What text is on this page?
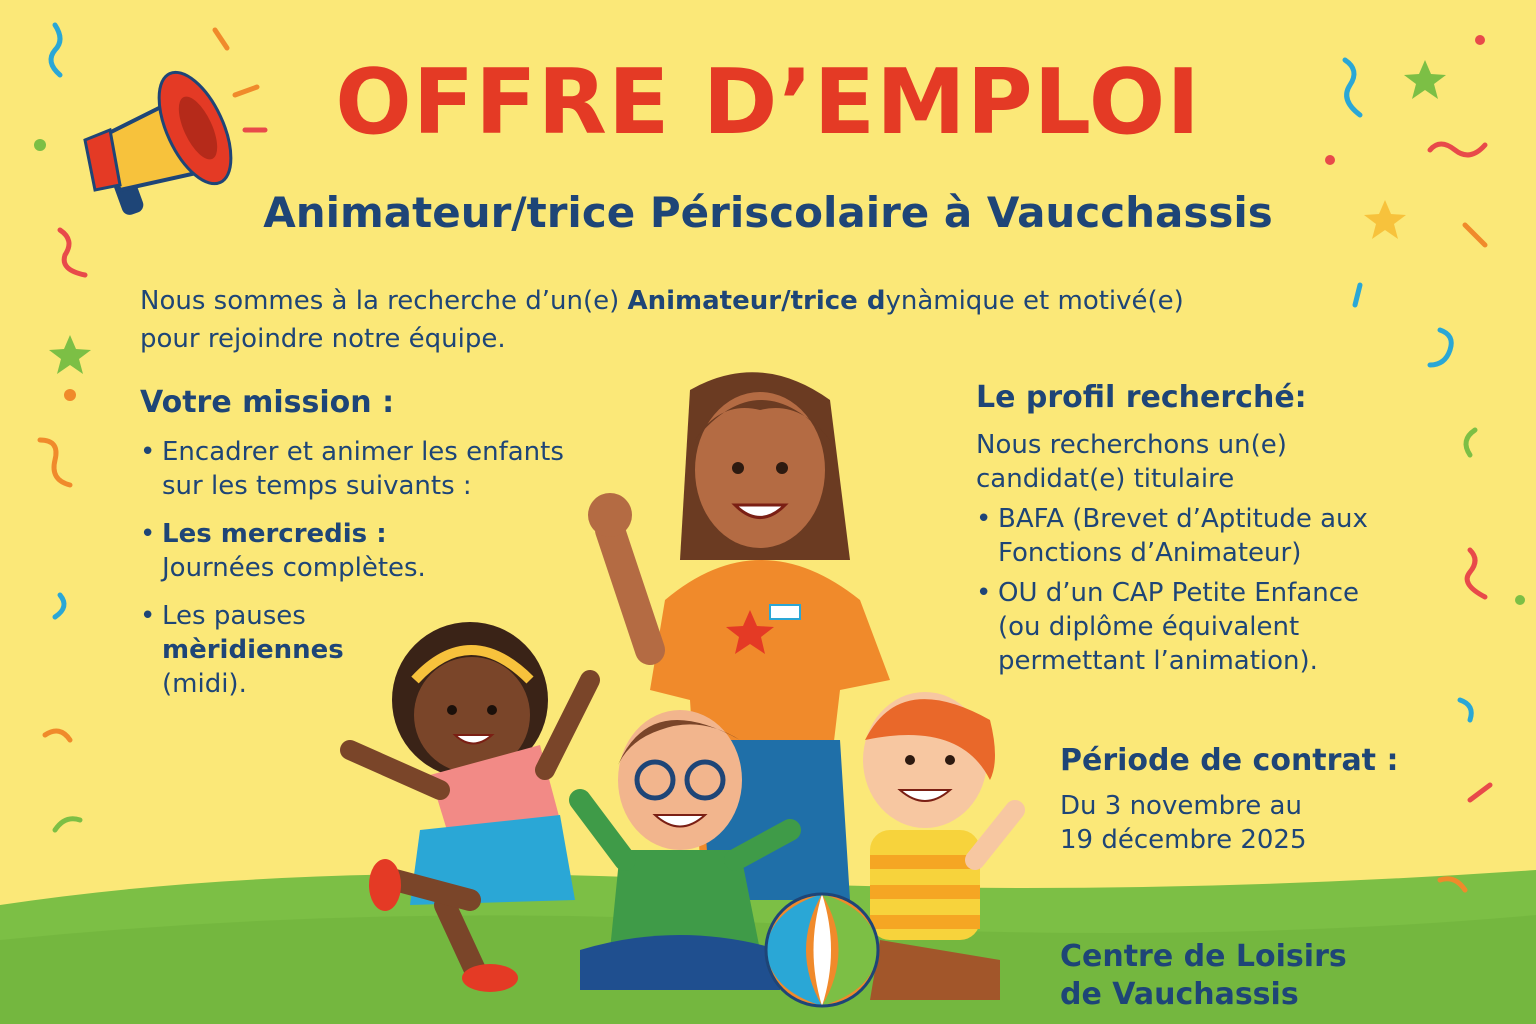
OFFRE D’EMPLOI
Animateur/trice Périscolaire à Vaucchassis
Nous sommes à la recherche d’un(e) Animateur/trice dynàmique et motivé(e)
pour rejoindre notre équipe.
Votre mission :
• Encadrer et animer les enfants
sur les temps suivants :
• Les mercredis :
Journées complètes.
• Les pauses
mèridiennes
(midi).
Le profil recherché:
Nous recherchons un(e)
candidat(e) titulaire
• BAFA (Brevet d’Aptitude aux
Fonctions d’Animateur)
• OU d’un CAP Petite Enfance
(ou diplôme équivalent
permettant l’animation).
Période de contrat :
Du 3 novembre au
19 décembre 2025
Centre de Loisirs
de Vauchassis
